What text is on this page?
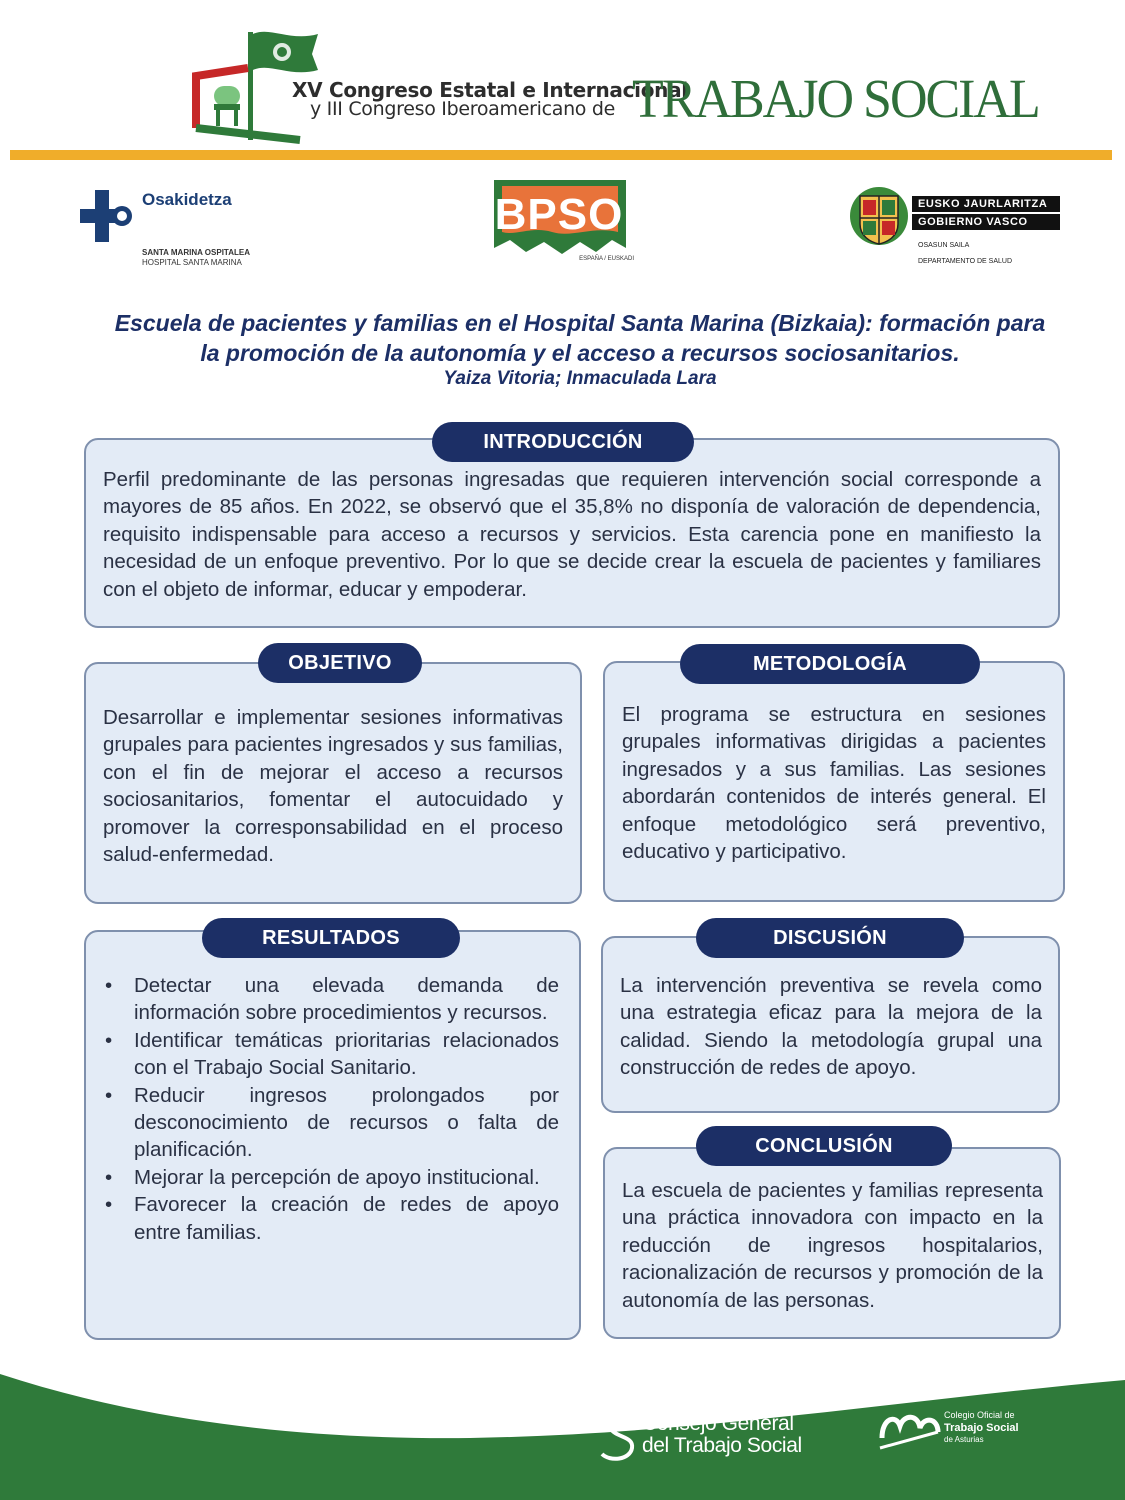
XV Congreso Estatal e Internacional
y III Congreso Iberoamericano de TRABAJO SOCIAL
Osakidetza
SANTA MARINA OSPITALEA
HOSPITAL SANTA MARINA
BPSO
ESPAÑA / EUSKADI
EUSKO JAURLARITZA
GOBIERNO VASCO
OSASUN SAILA
DEPARTAMENTO DE SALUD
Escuela de pacientes y familias en el Hospital Santa Marina (Bizkaia): formación para
la promoción de la autonomía y el acceso a recursos sociosanitarios.
Yaiza Vitoria; Inmaculada Lara

Perfil predominante de las personas ingresadas que requieren intervención social corresponde a mayores de 85 años. En 2022, se observó que el 35,8% no disponía de valoración de dependencia, requisito indispensable para acceso a recursos y servicios. Esta carencia pone en manifiesto la necesidad de un enfoque preventivo. Por lo que se decide crear la escuela de pacientes y familiares con el objeto de informar, educar y empoderar.

INTRODUCCIÓN

Desarrollar e implementar sesiones informativas grupales para pacientes ingresados y sus familias, con el fin de mejorar el acceso a recursos sociosanitarios, fomentar el autocuidado y promover la corresponsabilidad en el proceso salud-enfermedad.

OBJETIVO

El programa se estructura en sesiones grupales informativas dirigidas a pacientes ingresados y a sus familias. Las sesiones abordarán contenidos de interés general. El enfoque metodológico será preventivo, educativo y participativo.

METODOLOGÍA
• Detectar una elevada demanda de información sobre procedimientos y recursos.
• Identificar temáticas prioritarias relacionados con el Trabajo Social Sanitario.
• Reducir ingresos prolongados por desconocimiento de recursos o falta de planificación.
• Mejorar la percepción de apoyo institucional.
• Favorecer la creación de redes de apoyo entre familias.
RESULTADOS

La intervención preventiva se revela como una estrategia eficaz para la mejora de la calidad. Siendo la metodología grupal una construcción de redes de apoyo.

DISCUSIÓN

La escuela de pacientes y familias representa una práctica innovadora con impacto en la reducción de ingresos hospitalarios, racionalización de recursos y promoción de la autonomía de las personas.

CONCLUSIÓN
Consejo General
del Trabajo Social
Colegio Oficial de
Trabajo Social
de Asturias
